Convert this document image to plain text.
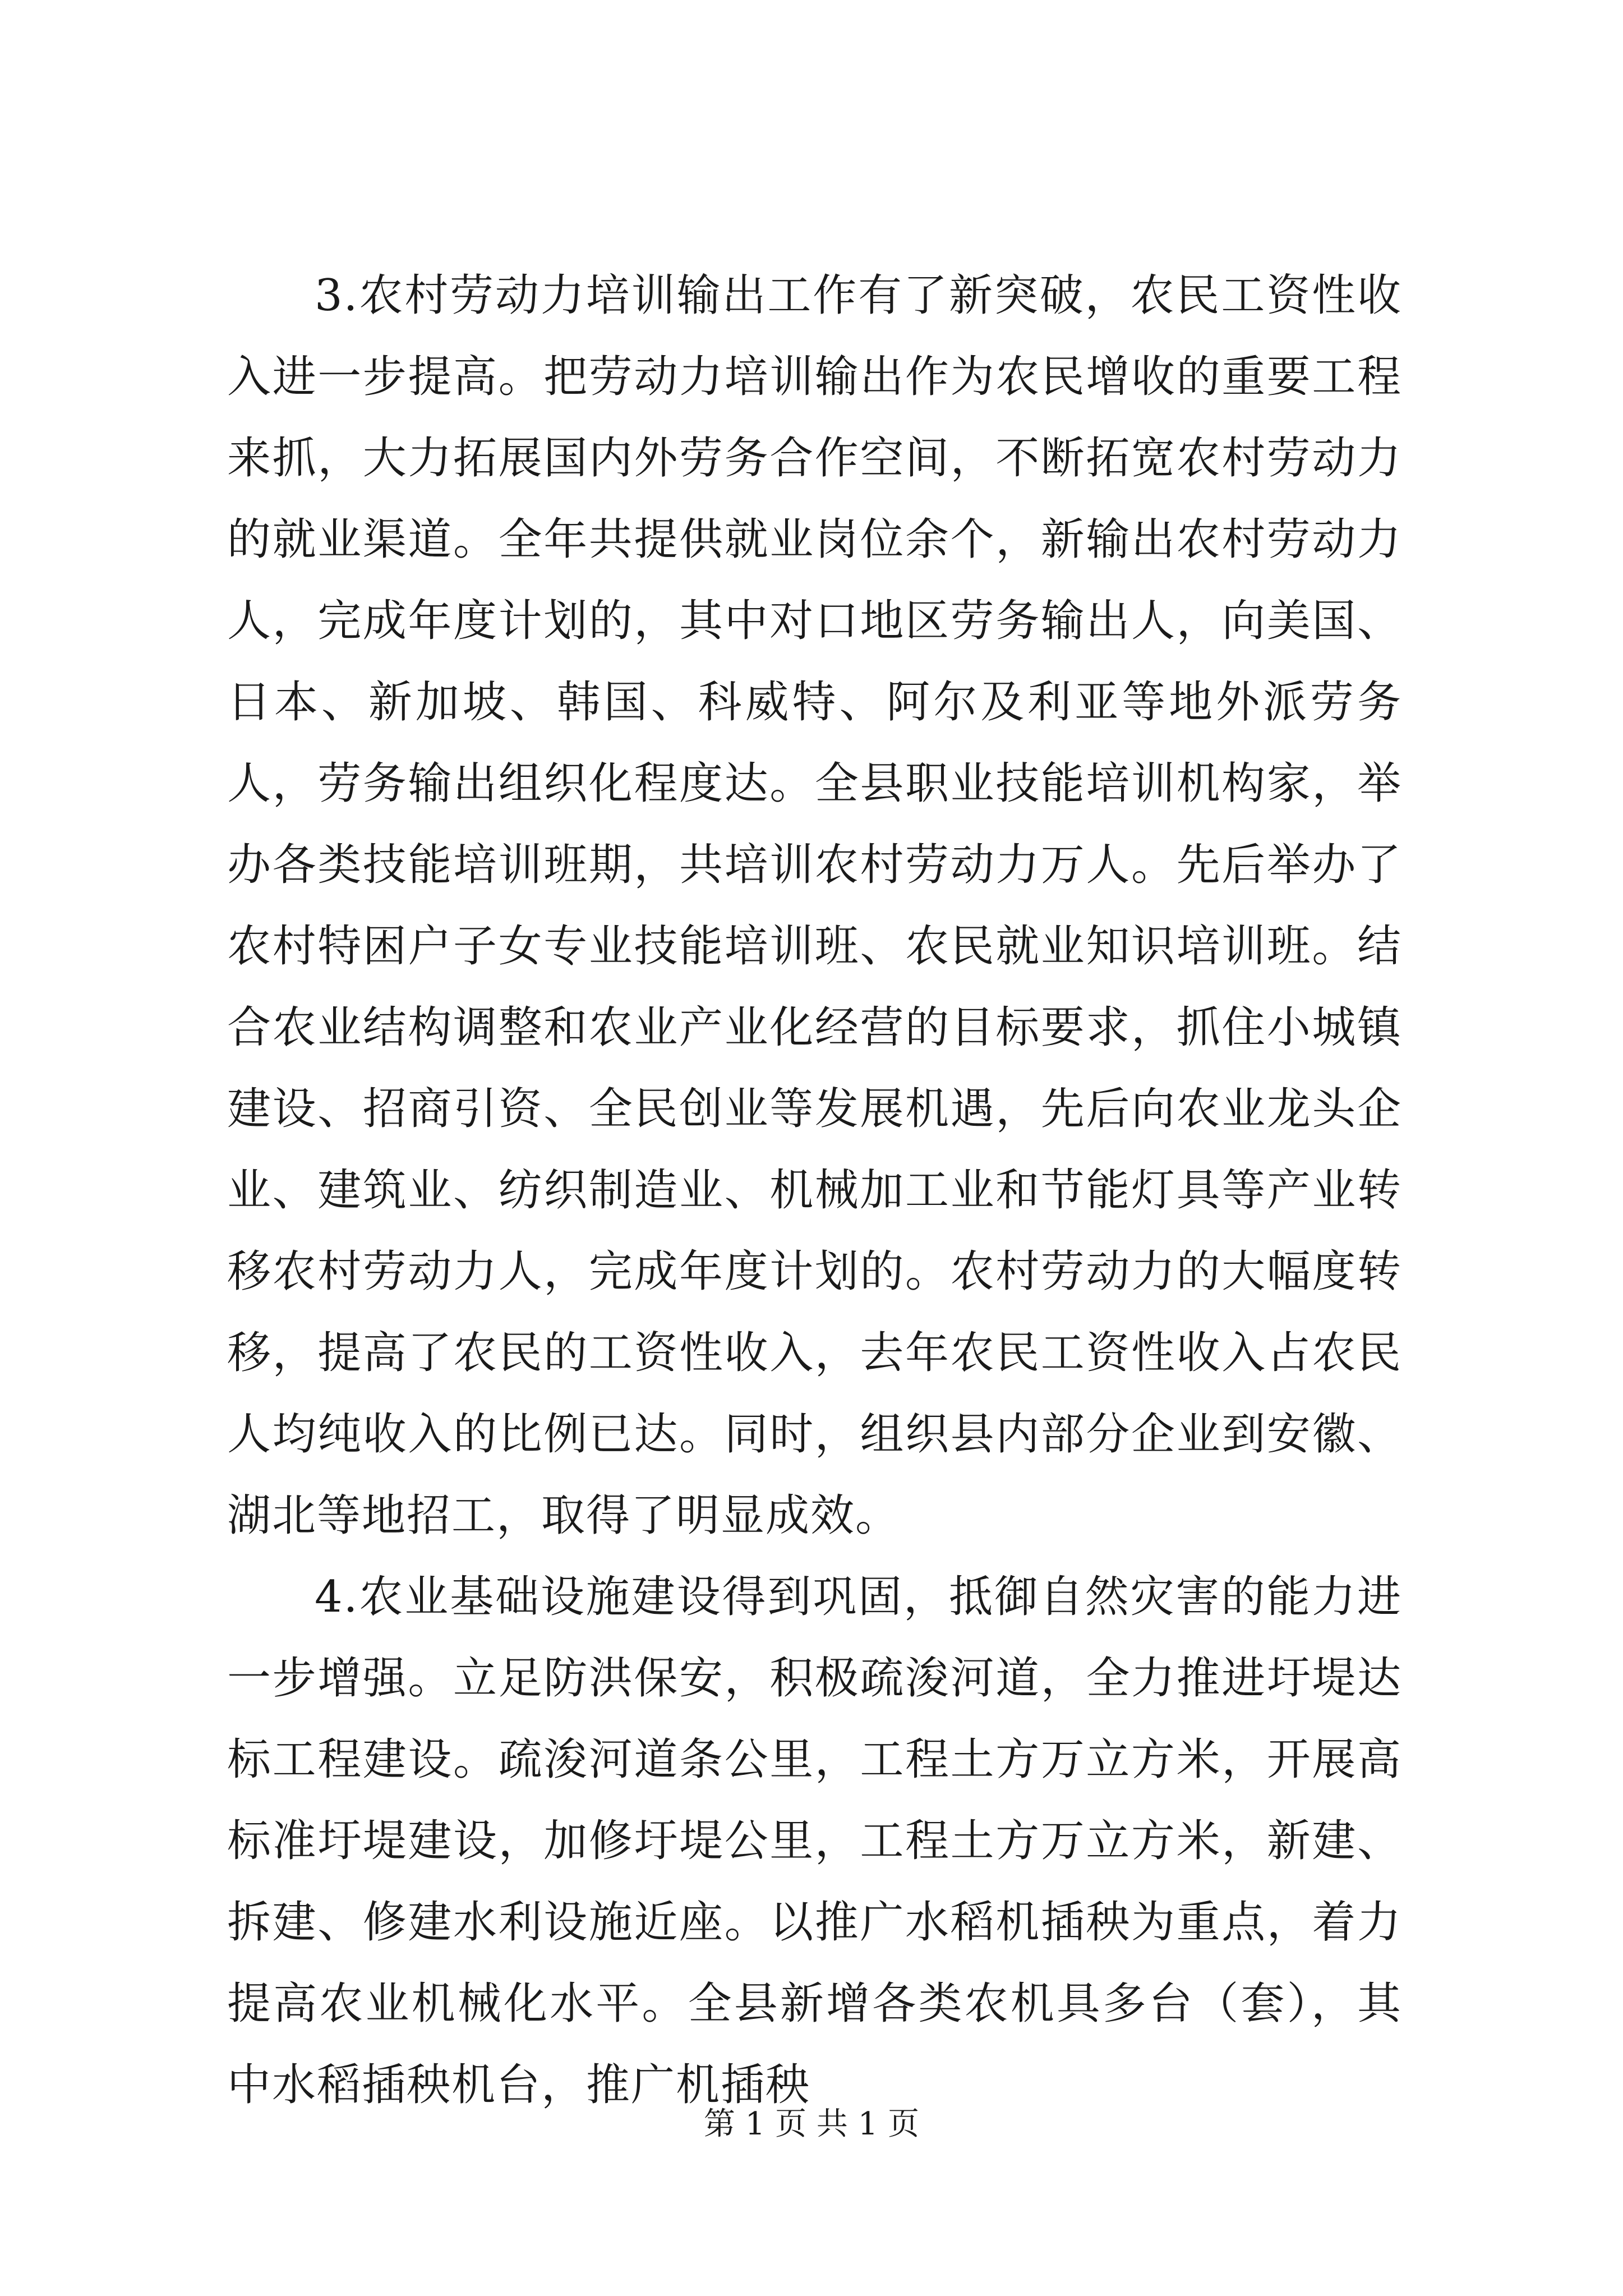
3.农村劳动力培训输出工作有了新突破，农民工资性收入进一步提高。把劳动力培训输出作为农民增收的重要工程来抓，大力拓展国内外劳务合作空间，不断拓宽农村劳动力的就业渠道。全年共提供就业岗位余个，新输出农村劳动力人，完成年度计划的，其中对口地区劳务输出人，向美国、日本、新加坡、韩国、科威特、阿尔及利亚等地外派劳务人，劳务输出组织化程度达。全县职业技能培训机构家，举办各类技能培训班期，共培训农村劳动力万人。先后举办了农村特困户子女专业技能培训班、农民就业知识培训班。结合农业结构调整和农业产业化经营的目标要求，抓住小城镇建设、招商引资、全民创业等发展机遇，先后向农业龙头企业、建筑业、纺织制造业、机械加工业和节能灯具等产业转移农村劳动力人，完成年度计划的。农村劳动力的大幅度转移，提高了农民的工资性收入，去年农民工资性收入占农民人均纯收入的比例已达。同时，组织县内部分企业到安徽、湖北等地招工，取得了明显成效。

4.农业基础设施建设得到巩固，抵御自然灾害的能力进一步增强。立足防洪保安，积极疏浚河道，全力推进圩堤达标工程建设。疏浚河道条公里，工程土方万立方米，开展高标准圩堤建设，加修圩堤公里，工程土方万立方米，新建、拆建、修建水利设施近座。以推广水稻机插秧为重点，着力提高农业机械化水平。全县新增各类农机具多台（套），其中水稻插秧机台，推广机插秧

第 1 页 共 1 页
